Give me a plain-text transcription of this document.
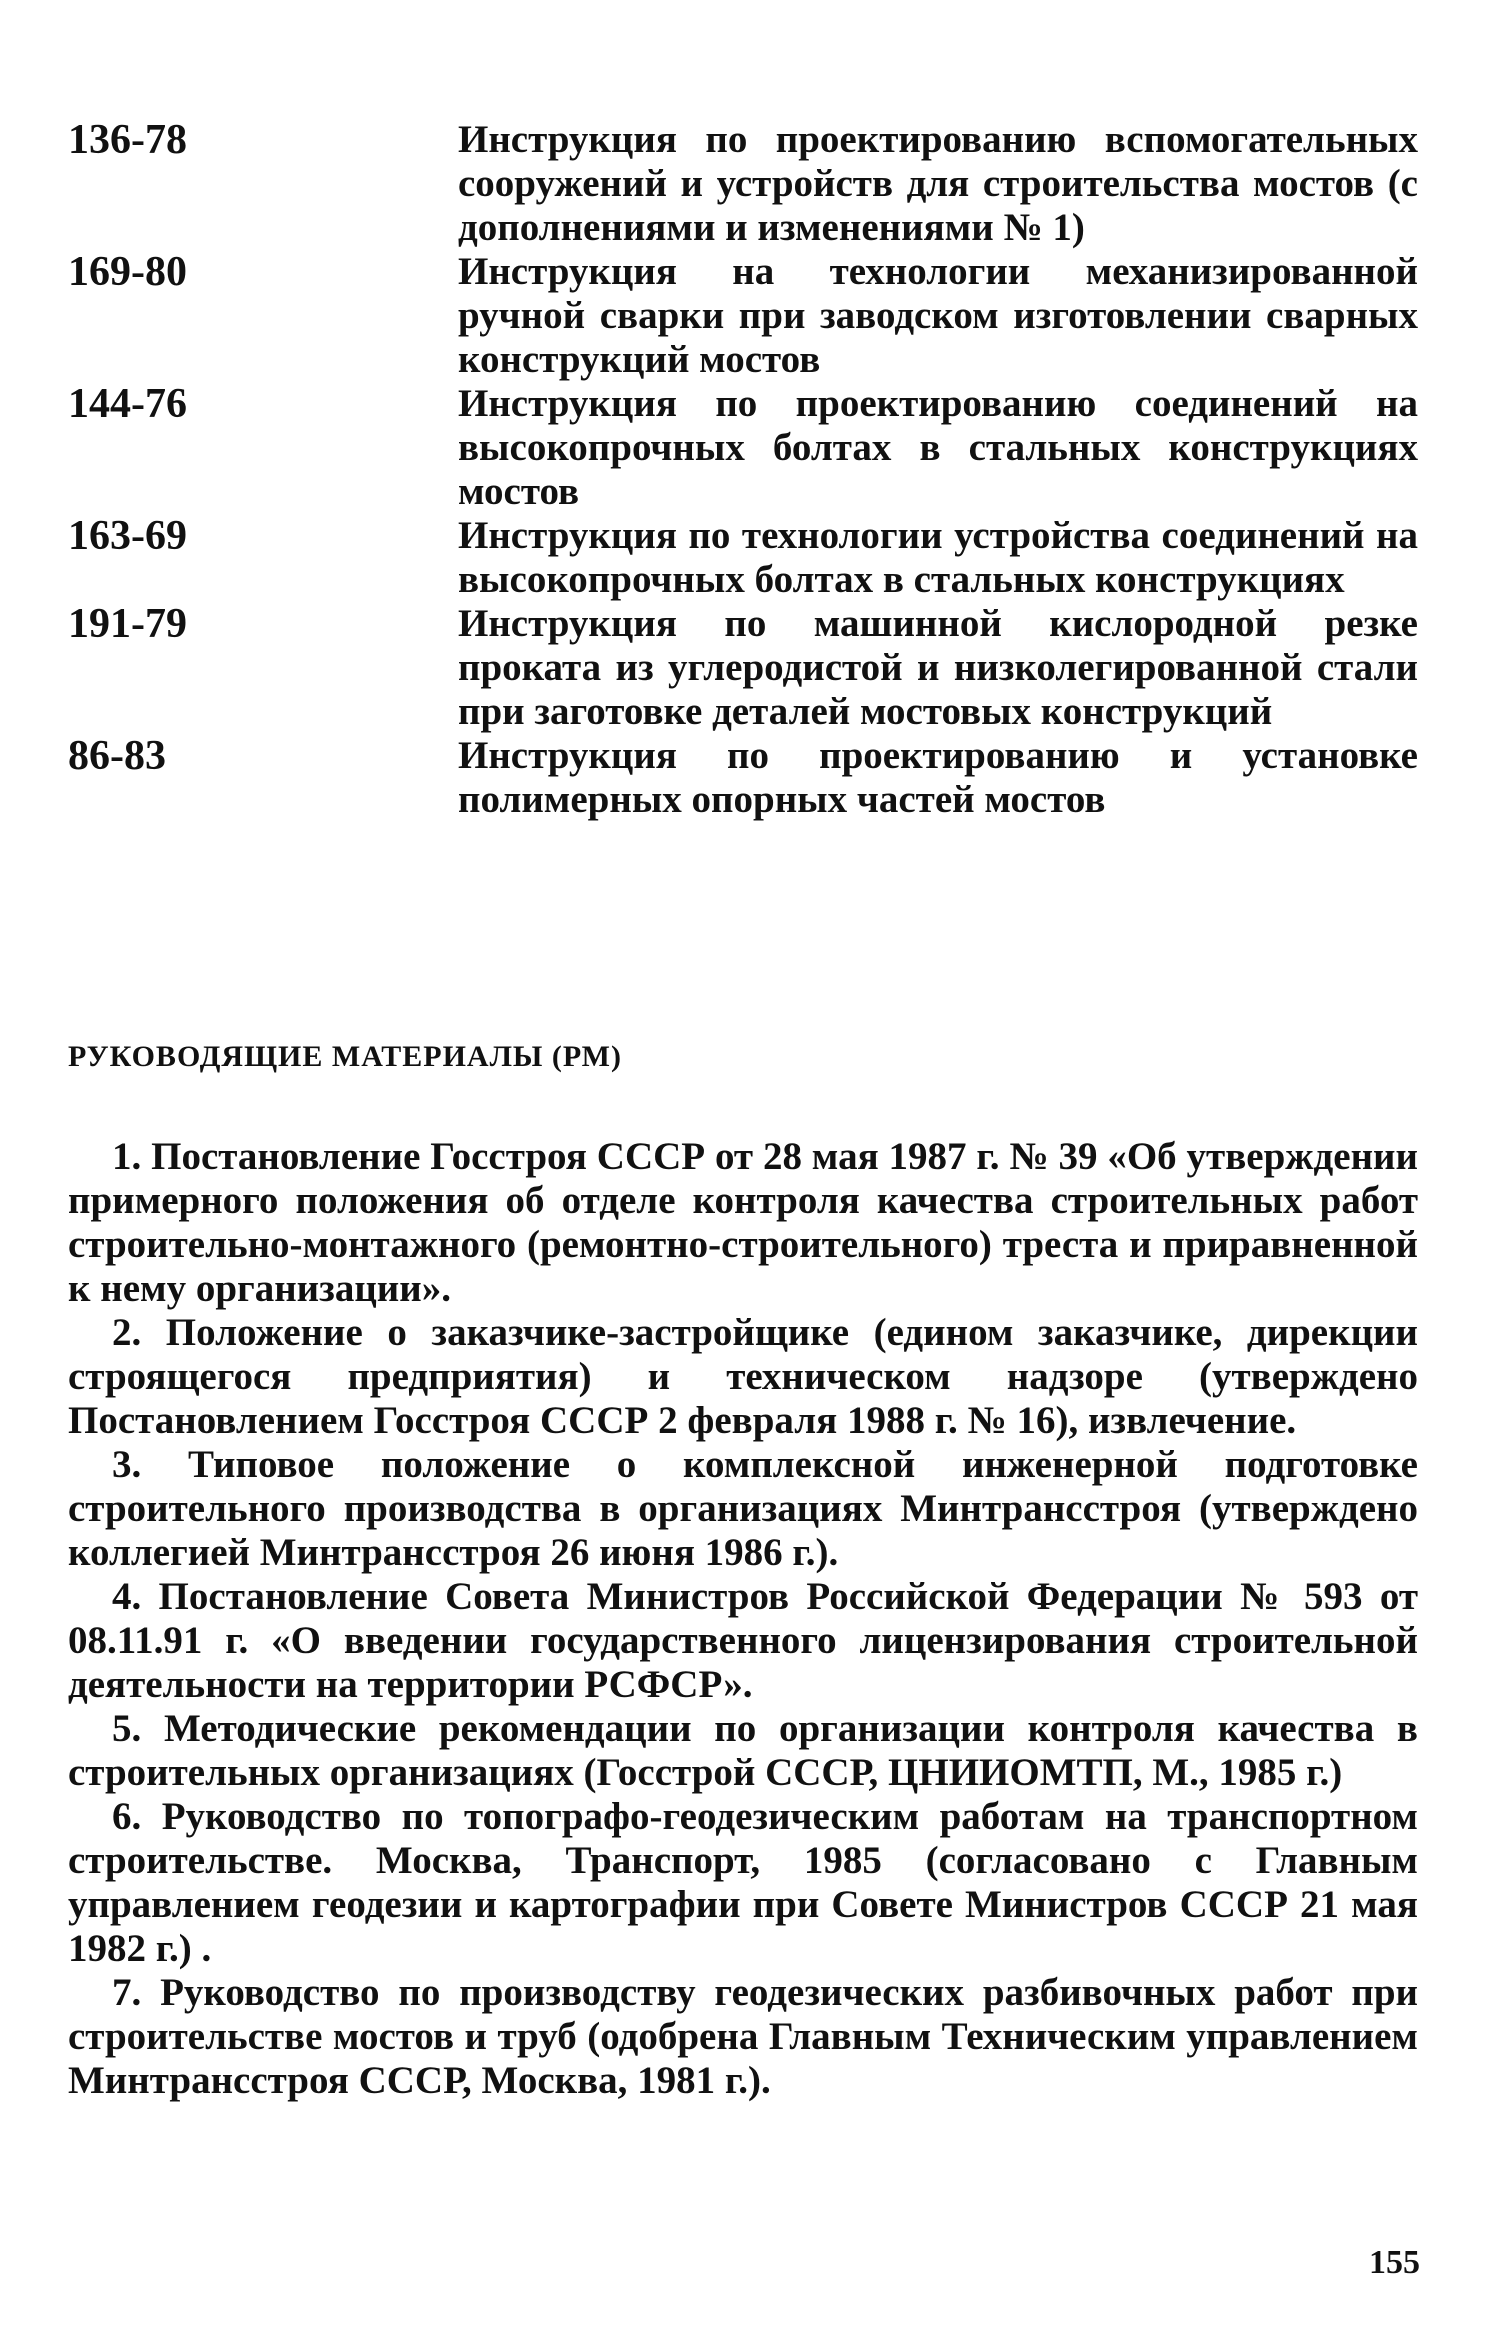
136-78	Инструкция по проектированию вспомогательных сооружений и устройств для строительства мостов (с дополнениями и изменениями № 1)
169-80	Инструкция на технологии механизированной ручной сварки при заводском изготовлении сварных конструкций мостов
144-76	Инструкция по проектированию соединений на высокопрочных болтах в стальных конструкциях мостов
163-69	Инструкция по технологии устройства соединений на высокопрочных болтах в стальных конструкциях
191-79	Инструкция по машинной кислородной резке проката из углеродистой и низколегированной стали при заготовке деталей мостовых конструкций
86-83	Инструкция по проектированию и установке полимерных опорных частей мостов
РУКОВОДЯЩИЕ МАТЕРИАЛЫ (РМ)

1. Постановление Госстроя СССР от 28 мая 1987 г. № 39 «Об утверждении примерного положения об отделе контроля качества строительных работ строительно-монтажного (ремонтно-строительного) треста и приравненной к нему организации».

2. Положение о заказчике-застройщике (едином заказчике, дирекции строящегося предприятия) и техническом надзоре (утверждено Постановлением Госстроя СССР 2 февраля 1988 г. № 16), извлечение.

3. Типовое положение о комплексной инженерной подготовке строительного производства в организациях Минтрансстроя (утверждено коллегией Минтрансстроя 26 июня 1986 г.).

4. Постановление Совета Министров Российской Федерации № 593 от 08.11.91 г. «О введении государственного лицензирования строительной деятельности на территории РСФСР».

5. Методические рекомендации по организации контроля качества в строительных организациях (Госстрой СССР, ЦНИИОМТП, М., 1985 г.)

6. Руководство по топографо-геодезическим работам на транспортном строительстве. Москва, Транспорт, 1985 (согласовано с Главным управлением геодезии и картографии при Совете Министров СССР 21 мая 1982 г.) .

7. Руководство по производству геодезических разбивочных работ при строительстве мостов и труб (одобрена Главным Техническим управлением Минтрансстроя СССР, Москва, 1981 г.).

155
